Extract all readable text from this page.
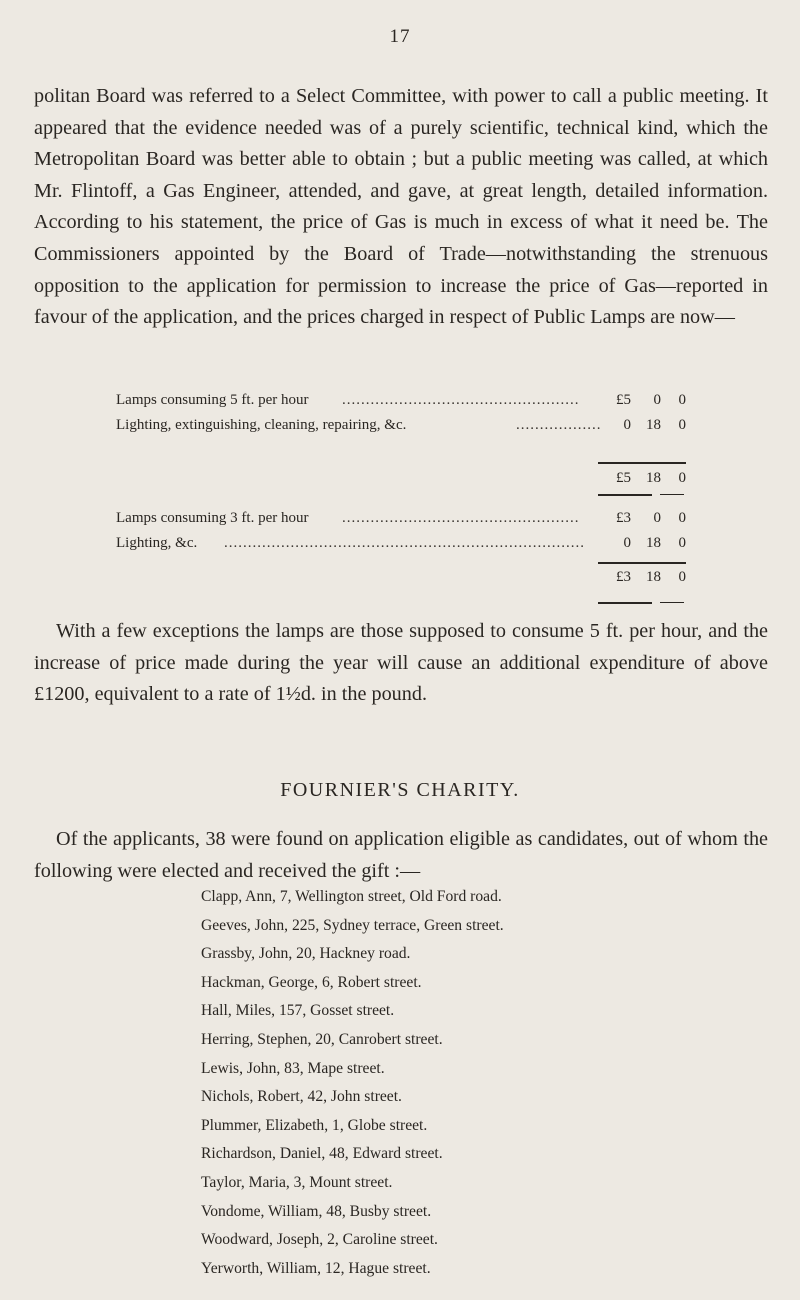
17

politan Board was referred to a Select Committee, with power to call a public meeting. It appeared that the evidence needed was of a purely scientific, technical kind, which the Metropolitan Board was better able to obtain ; but a public meeting was called, at which Mr. Flintoff, a Gas Engineer, attended, and gave, at great length, detailed information. According to his statement, the price of Gas is much in excess of what it need be. The Commissioners appointed by the Board of Trade—notwithstanding the strenuous opposition to the application for permission to increase the price of Gas—reported in favour of the application, and the prices charged in respect of Public Lamps are now—

Lamps consuming 5 ft. per hour ..................................................	£5	0	0
Lighting, extinguishing, cleaning, repairing, &c.	..................	0	18	0
£5	18	0
Lamps consuming 3 ft. per hour ..................................................	£3	0	0
Lighting, &c. ............................................................................	0	18	0
£3	18	0

With a few exceptions the lamps are those supposed to consume 5 ft. per hour, and the increase of price made during the year will cause an additional expenditure of above £1200, equivalent to a rate of 1½d. in the pound.

FOURNIER'S CHARITY.

Of the applicants, 38 were found on application eligible as candidates, out of whom the following were elected and received the gift :—

Clapp, Ann, 7, Wellington street, Old Ford road.
Geeves, John, 225, Sydney terrace, Green street.
Grassby, John, 20, Hackney road.
Hackman, George, 6, Robert street.
Hall, Miles, 157, Gosset street.
Herring, Stephen, 20, Canrobert street.
Lewis, John, 83, Mape street.
Nichols, Robert, 42, John street.
Plummer, Elizabeth, 1, Globe street.
Richardson, Daniel, 48, Edward street.
Taylor, Maria, 3, Mount street.
Vondome, William, 48, Busby street.
Woodward, Joseph, 2, Caroline street.
Yerworth, William, 12, Hague street.
